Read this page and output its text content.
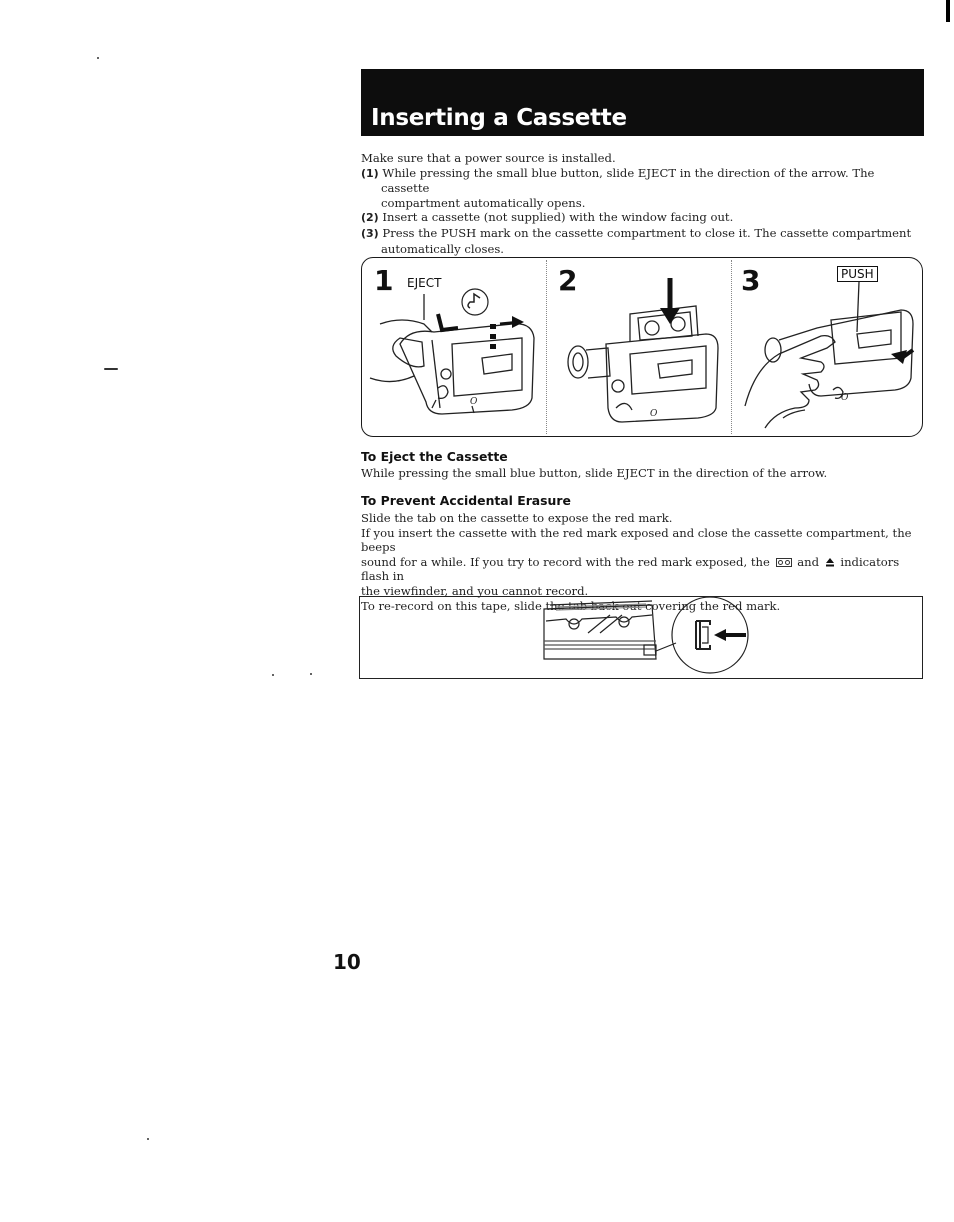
Inserting a Cassette
Make sure that a power source is installed.
(1) While pressing the small blue button, slide EJECT in the direction of the arrow. The cassette
compartment automatically opens.
(2) Insert a cassette (not supplied) with the window facing out.
(3) Press the PUSH mark on the cassette compartment to close it. The cassette compartment
automatically closes.
1 EJECT
O
2
O
3	PUSH
O
To Eject the Cassette
While pressing the small blue button, slide EJECT in the direction of the arrow.
To Prevent Accidental Erasure
Slide the tab on the cassette to expose the red mark.
If you insert the cassette with the red mark exposed and close the cassette compartment, the beeps
sound for a while. If you try to record with the red mark exposed, the and indicators flash in
the viewfinder, and you cannot record.
To re-record on this tape, slide the tab back out covering the red mark.
10
